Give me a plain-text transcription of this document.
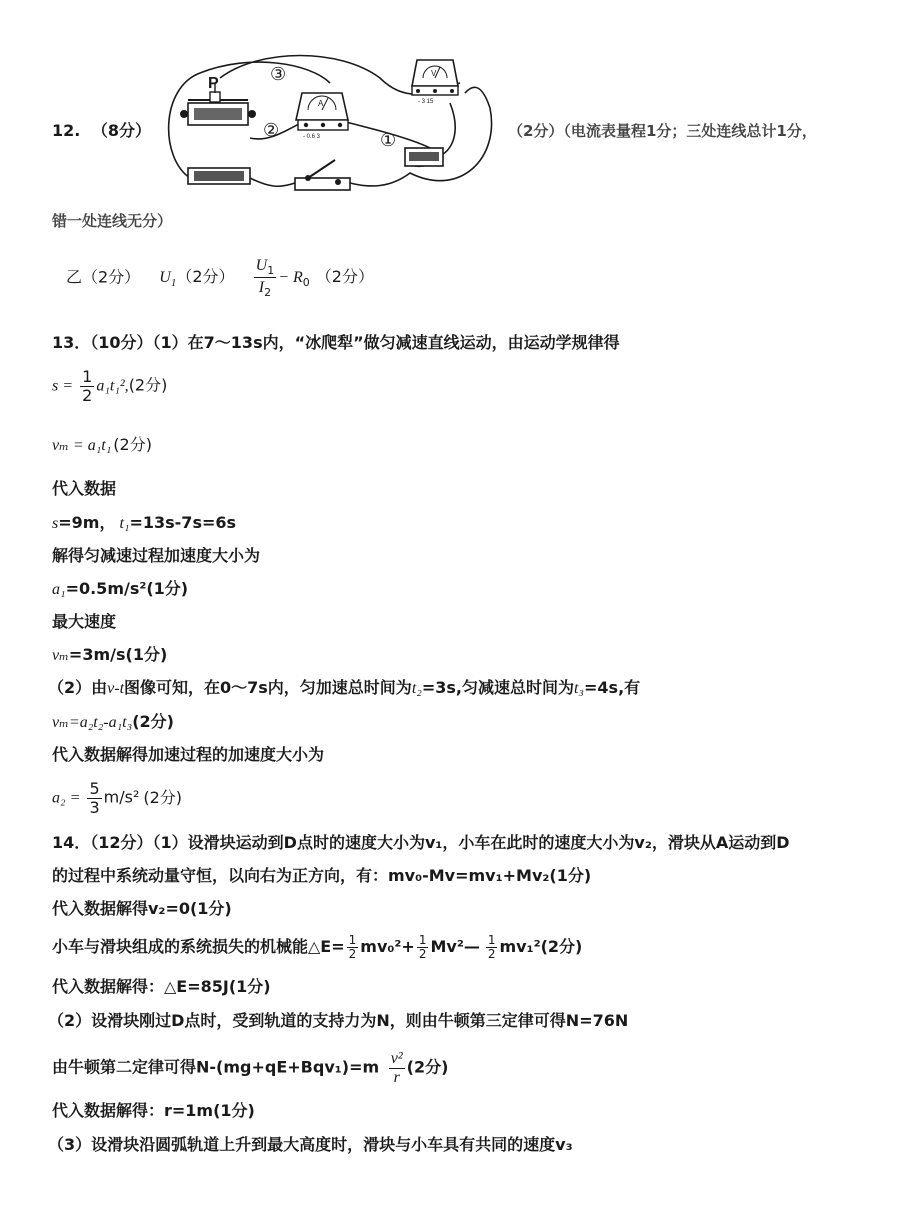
12. （8分）
P
A
- 0.6 3
V
- 3 15
③
②	①	（2分）（电流表量程1分；三处连线总计1分，
错一处连线无分）
乙（2分） $U_1(2$分） $\frac{U_1}{I_2} - R_0$ （2分）
13．（10分）（1）在7～13s内，“冰爬犁”做匀减速直线运动，由运动学规律得
$s = \frac{1}{2} a_1t_1^2,(2$分)
vₘ = a₁t₁ (2分)
代入数据
s=9m， t₁=13s-7s=6s
解得匀减速过程加速度大小为
a₁=0.5m/s²(1分)
最大速度
vₘ=3m/s(1分)
（2）由v-t图像可知，在0～7s内，匀加速总时间为t₂=3s,匀减速总时间为t₃=4s,有
vₘ=a₂t₂-a₁t₃(2分)
代入数据解得加速过程的加速度大小为
$a_2 = \frac{5}{3} m/s^2$ (2分)
14．（12分）（1）设滑块运动到D点时的速度大小为v₁，小车在此时的速度大小为v₂，滑块从A运动到D
的过程中系统动量守恒，以向右为正方向，有：mv₀-Mv=mv₁+Mv₂(1分)
代入数据解得v₂=0(1分)
小车与滑块组成的系统损失的机械能△E= $\frac{1}{2} mv_0^2+ \frac{1}{2}$ Mv²— $\frac{1}{2} mv_1^2(2$分)
代入数据解得：△E=85J(1分)
（2）设滑块刚过D点时，受到轨道的支持力为N，则由牛顿第三定律可得N=76N
由牛顿第二定律可得$N-(mg+qE+Bqv_1)=m \frac{\text{v²}}{r} (2$分)
代入数据解得：r=1m(1分)
（3）设滑块沿圆弧轨道上升到最大高度时，滑块与小车具有共同的速度v₃
